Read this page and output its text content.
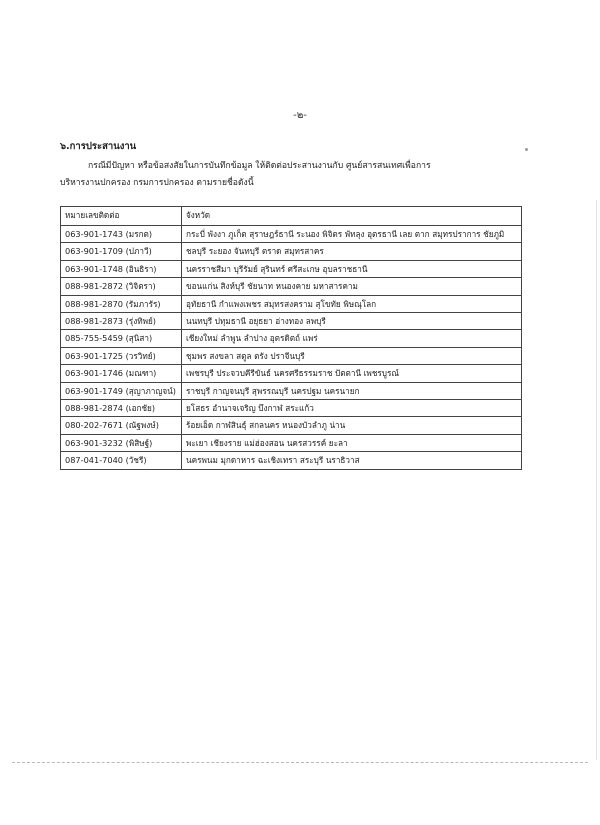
-๒-
๖.การประสานงาน
กรณีมีปัญหา หรือข้อสงสัยในการบันทึกข้อมูล ให้ติดต่อประสานงานกับ ศูนย์สารสนเทศเพื่อการ
บริหารงานปกครอง กรมการปกครอง ตามรายชื่อดังนี้
หมายเลขติดต่อ	จังหวัด
063-901-1743 (มรกต)	กระบี่ พังงา ภูเก็ต สุราษฎร์ธานี ระนอง พิจิตร พัทลุง อุตรธานี เลย ตาก สมุทรปราการ ชัยภูมิ
063-901-1709 (ปภาวี)	ชลบุรี ระยอง จันทบุรี ตราด สมุทรสาคร
063-901-1748 (อินธิรา)	นครราชสีมา บุรีรัมย์ สุรินทร์ ศรีสะเกษ อุบลราชธานี
088-981-2872 (วิจิตรา)	ขอนแก่น สิงห์บุรี ชัยนาท หนองคาย มหาสารคาม
088-981-2870 (รัมภารัร)	อุทัยธานี กำแพงเพชร สมุทรสงคราม สุโขทัย พิษณุโลก
088-981-2873 (รุ่งทิพย์)	นนทบุรี ปทุมธานี อยุธยา อ่างทอง ลพบุรี
085-755-5459 (สุนิสา)	เชียงใหม่ ลำพูน ลำปาง อุตรดิตถ์ แพร่
063-901-1725 (วรวิทย์)	ชุมพร สงขลา สตูล ตรัง ปราจีนบุรี
063-901-1746 (มณฑา)	เพชรบุรี ประจวบคีรีขันธ์ นครศรีธรรมราช ปัตตานี เพชรบูรณ์
063-901-1749 (สุญาภาญจน์)	ราชบุรี กาญจนบุรี สุพรรณบุรี นครปฐม นครนายก
088-981-2874 (เอกชัย)	ยโสธร อำนาจเจริญ บึงกาฬ สระแก้ว
080-202-7671 (ณัฐพงษ์)	ร้อยเอ็ด กาฬสินธุ์ สกลนคร หนองบัวลำภู น่าน
063-901-3232 (พิสิษฐ์)	พะเยา เชียงราย แม่ฮ่องสอน นครสวรรค์ ยะลา
087-041-7040 (วัชรี)	นครพนม มุกดาหาร ฉะเชิงเทรา สระบุรี นราธิวาส
